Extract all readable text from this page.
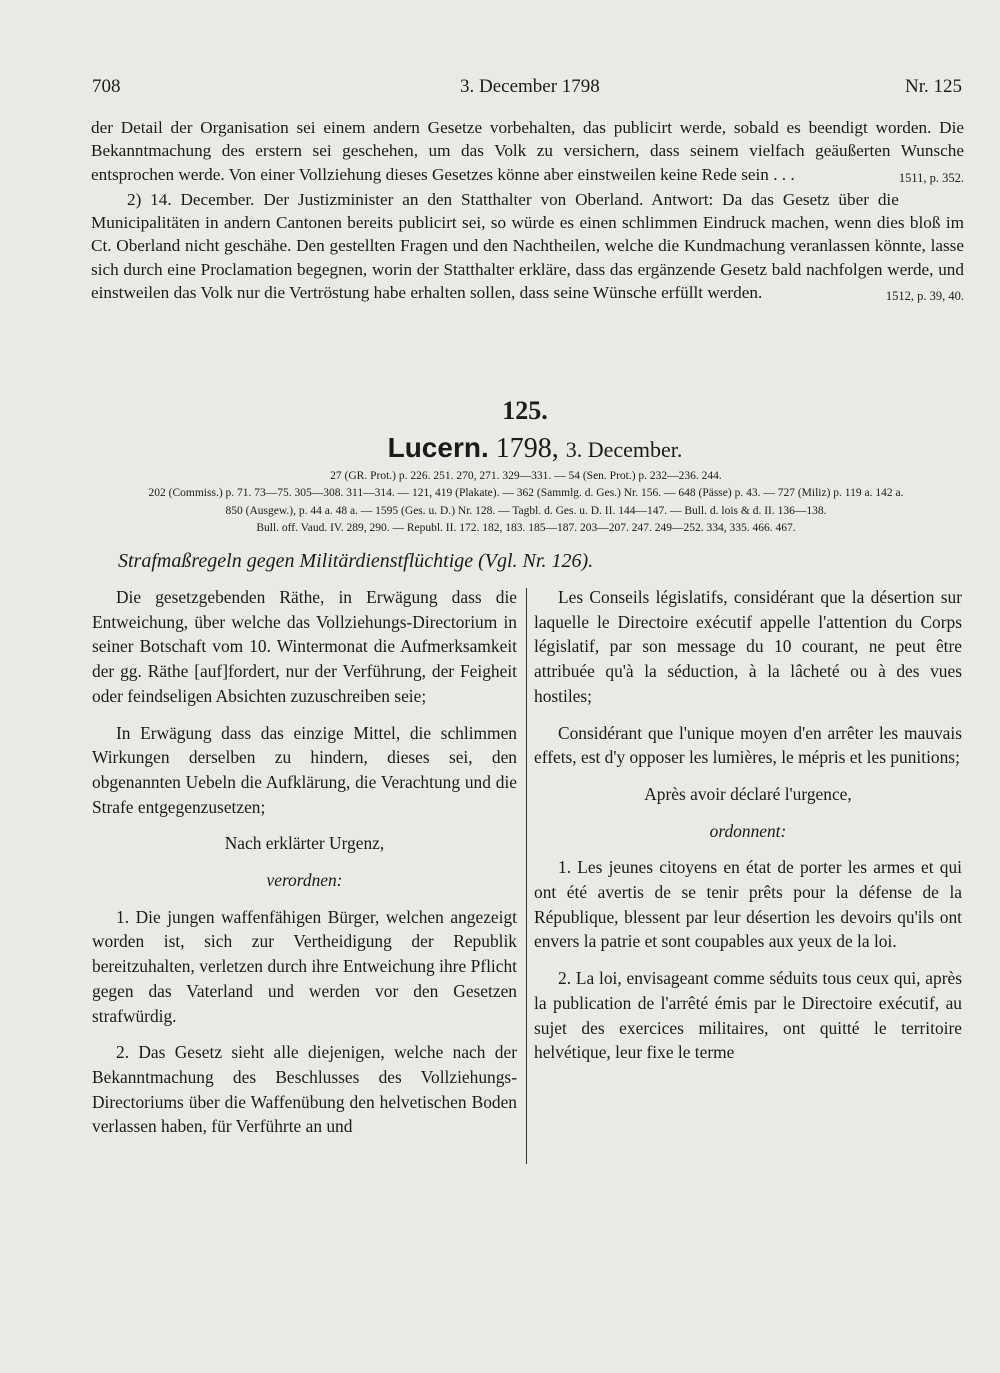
708	3. December 1798	Nr. 125

der Detail der Organisation sei einem andern Gesetze vorbehalten, das publicirt werde, sobald es beendigt worden. Die Bekanntmachung des erstern sei geschehen, um das Volk zu versichern, dass seinem vielfach geäußerten Wunsche entsprochen werde. Von einer Vollziehung dieses Gesetzes könne aber einstweilen keine Rede sein . . .	1511, p. 352.

2) 14. December. Der Justizminister an den Statthalter von Oberland. Antwort: Da das Gesetz über die Municipalitäten in andern Cantonen bereits publicirt sei, so würde es einen schlimmen Eindruck machen, wenn dies bloß im Ct. Oberland nicht geschähe. Den gestellten Fragen und den Nachtheilen, welche die Kundmachung veranlassen könnte, lasse sich durch eine Proclamation begegnen, worin der Statthalter erkläre, dass das ergänzende Gesetz bald nachfolgen werde, und einstweilen das Volk nur die Vertröstung habe erhalten sollen, dass seine Wünsche erfüllt werden.	1512, p. 39, 40.

125.
Lucern. 1798, 3. December.
27 (GR. Prot.) p. 226. 251. 270, 271. 329—331. — 54 (Sen. Prot.) p. 232—236. 244.
202 (Commiss.) p. 71. 73—75. 305—308. 311—314. — 121, 419 (Plakate). — 362 (Sammlg. d. Ges.) Nr. 156. — 648 (Pässe) p. 43. — 727 (Miliz) p. 119 a. 142 a.
850 (Ausgew.), p. 44 a. 48 a. — 1595 (Ges. u. D.) Nr. 128. — Tagbl. d. Ges. u. D. II. 144—147. — Bull. d. lois & d. II. 136—138.
Bull. off. Vaud. IV. 289, 290. — Republ. II. 172. 182, 183. 185—187. 203—207. 247. 249—252. 334, 335. 466. 467.
Strafmaßregeln gegen Militärdienstflüchtige (Vgl. Nr. 126).

Die gesetzgebenden Räthe, in Erwägung dass die Entweichung, über welche das Vollziehungs-Directorium in seiner Botschaft vom 10. Wintermonat die Aufmerksamkeit der gg. Räthe [auf]fordert, nur der Verführung, der Feigheit oder feindseligen Absichten zuzuschreiben seie;

In Erwägung dass das einzige Mittel, die schlimmen Wirkungen derselben zu hindern, dieses sei, den obgenannten Uebeln die Aufklärung, die Verachtung und die Strafe entgegenzusetzen;

Nach erklärter Urgenz,

verordnen:

1. Die jungen waffenfähigen Bürger, welchen angezeigt worden ist, sich zur Vertheidigung der Republik bereitzuhalten, verletzen durch ihre Entweichung ihre Pflicht gegen das Vaterland und werden vor den Gesetzen strafwürdig.

2. Das Gesetz sieht alle diejenigen, welche nach der Bekanntmachung des Beschlusses des Vollziehungs-Directoriums über die Waffenübung den helvetischen Boden verlassen haben, für Verführte an und

Les Conseils législatifs, considérant que la désertion sur laquelle le Directoire exécutif appelle l'attention du Corps législatif, par son message du 10 courant, ne peut être attribuée qu'à la séduction, à la lâcheté ou à des vues hostiles;

Considérant que l'unique moyen d'en arrêter les mauvais effets, est d'y opposer les lumières, le mépris et les punitions;

Après avoir déclaré l'urgence,

ordonnent:

1. Les jeunes citoyens en état de porter les armes et qui ont été avertis de se tenir prêts pour la défense de la République, blessent par leur désertion les devoirs qu'ils ont envers la patrie et sont coupables aux yeux de la loi.

2. La loi, envisageant comme séduits tous ceux qui, après la publication de l'arrêté émis par le Directoire exécutif, au sujet des exercices militaires, ont quitté le territoire helvétique, leur fixe le terme
